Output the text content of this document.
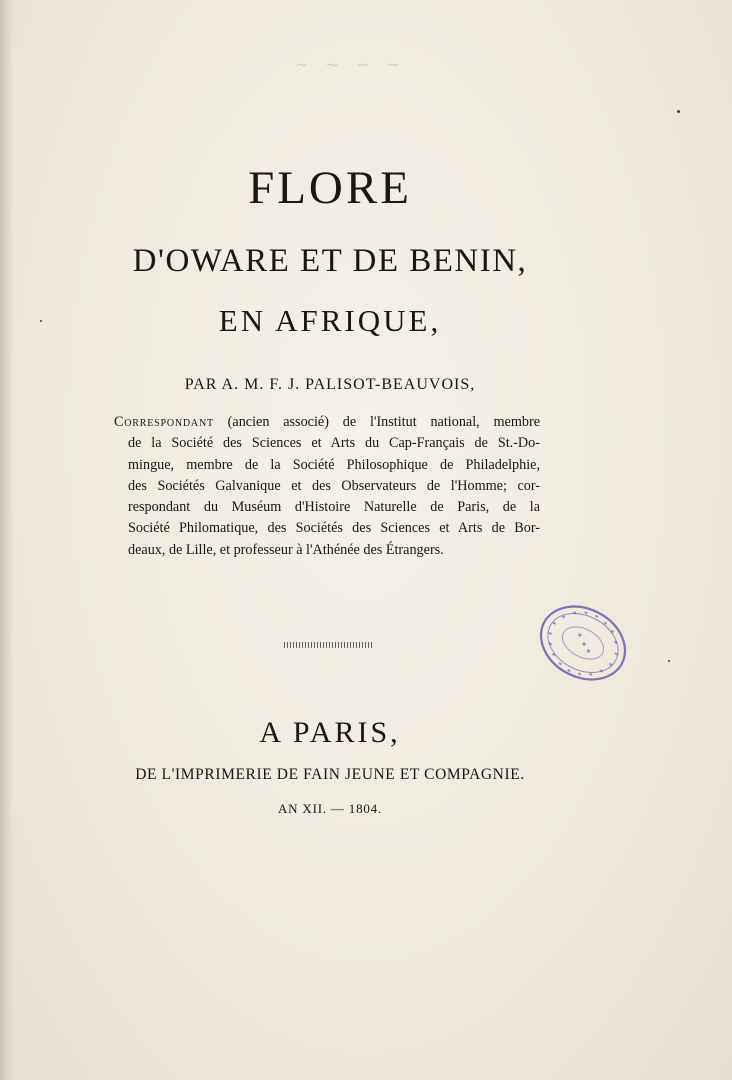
~ ~ ~ ~
FLORE
D'OWARE ET DE BENIN,
EN AFRIQUE,
PAR A. M. F. J. PALISOT-BEAUVOIS,
Correspondant (ancien associé) de l'Institut national, membre
de la Société des Sciences et Arts du Cap-Français de St.-Do-
mingue, membre de la Société Philosophique de Philadelphie,
des Sociétés Galvanique et des Observateurs de l'Homme; cor-
respondant du Muséum d'Histoire Naturelle de Paris, de la
Société Philomatique, des Sociétés des Sciences et Arts de Bor-
deaux, de Lille, et professeur à l'Athénée des Étrangers.
A PARIS,
DE L'IMPRIMERIE DE FAIN JEUNE ET COMPAGNIE.
AN XII. — 1804.
